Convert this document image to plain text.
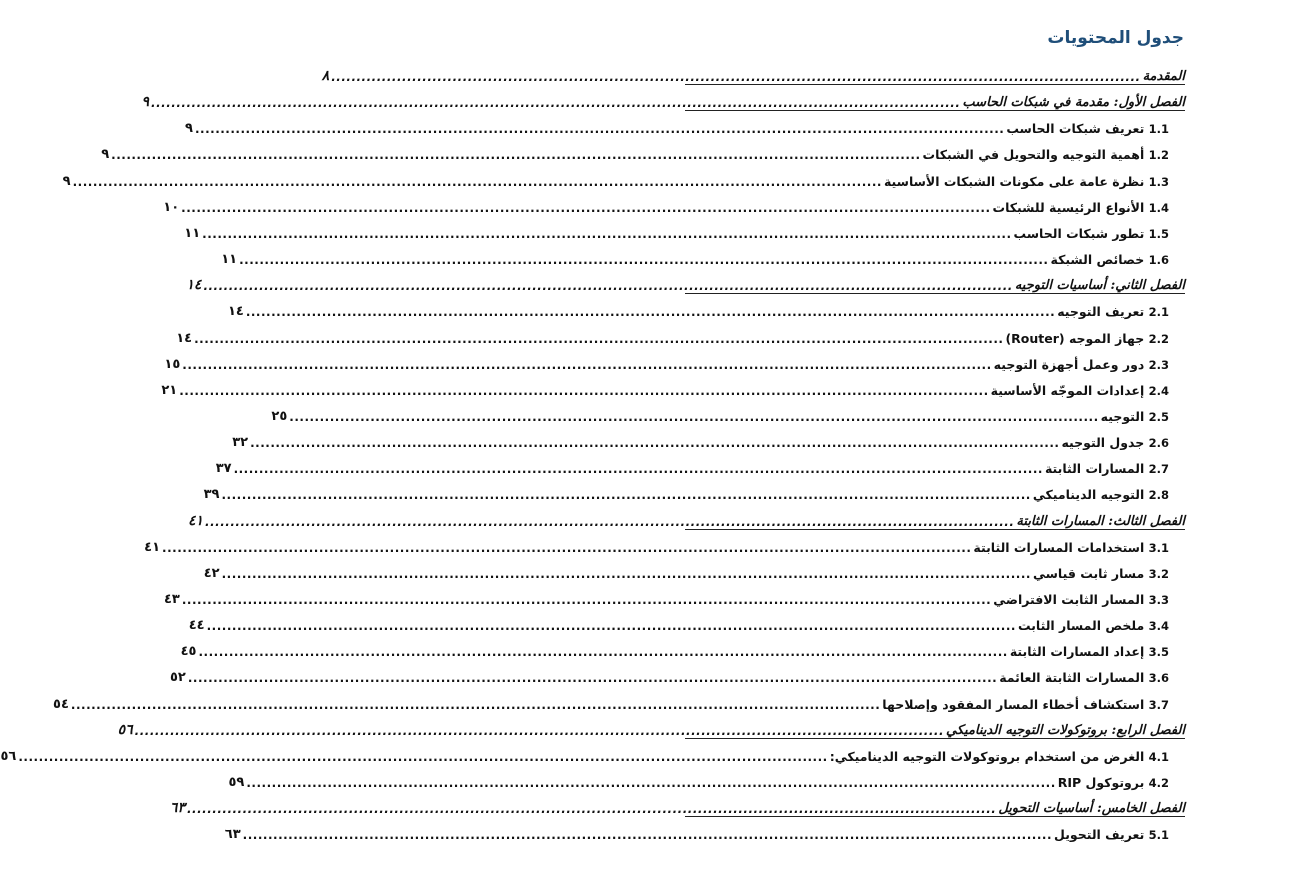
جدول المحتويات
المقدمة
................................................................................................................................................................
٨
الفصل الأول: مقدمة في شبكات الحاسب
................................................................................................................................................................
٩
1.1 تعريف شبكات الحاسب
................................................................................................................................................................
٩
1.2 أهمية التوجيه والتحويل في الشبكات
................................................................................................................................................................
٩
1.3 نظرة عامة على مكونات الشبكات الأساسية
................................................................................................................................................................
٩
1.4 الأنواع الرئيسية للشبكات
................................................................................................................................................................
١٠
1.5 تطور شبكات الحاسب
................................................................................................................................................................
١١
1.6 خصائص الشبكة
................................................................................................................................................................
١١
الفصل الثاني: أساسيات التوجيه
................................................................................................................................................................
١٤
2.1 تعريف التوجيه
................................................................................................................................................................
١٤
2.2 جهاز الموجه (Router)
................................................................................................................................................................
١٤
2.3 دور وعمل أجهزة التوجيه
................................................................................................................................................................
١٥
2.4 إعدادات الموجّه الأساسية
................................................................................................................................................................
٢١
2.5 التوجيه
................................................................................................................................................................
٢٥
2.6 جدول التوجيه
................................................................................................................................................................
٣٢
2.7 المسارات الثابتة
................................................................................................................................................................
٣٧
2.8 التوجيه الديناميكي
................................................................................................................................................................
٣٩
الفصل الثالث: المسارات الثابتة
................................................................................................................................................................
٤١
3.1 استخدامات المسارات الثابتة
................................................................................................................................................................
٤١
3.2 مسار ثابت قياسي
................................................................................................................................................................
٤٢
3.3 المسار الثابت الافتراضي
................................................................................................................................................................
٤٣
3.4 ملخص المسار الثابت
................................................................................................................................................................
٤٤
3.5 إعداد المسارات الثابتة
................................................................................................................................................................
٤٥
3.6 المسارات الثابتة العائمة
................................................................................................................................................................
٥٢
3.7 استكشاف أخطاء المسار المفقود وإصلاحها
................................................................................................................................................................
٥٤
الفصل الرابع: بروتوكولات التوجيه الديناميكي
................................................................................................................................................................
٥٦
4.1 الغرض من استخدام بروتوكولات التوجيه الديناميكي:
................................................................................................................................................................
٥٦
4.2 بروتوكول RIP
................................................................................................................................................................
٥٩
الفصل الخامس: أساسيات التحويل
................................................................................................................................................................
٦٣
5.1 تعريف التحويل
................................................................................................................................................................
٦٣
